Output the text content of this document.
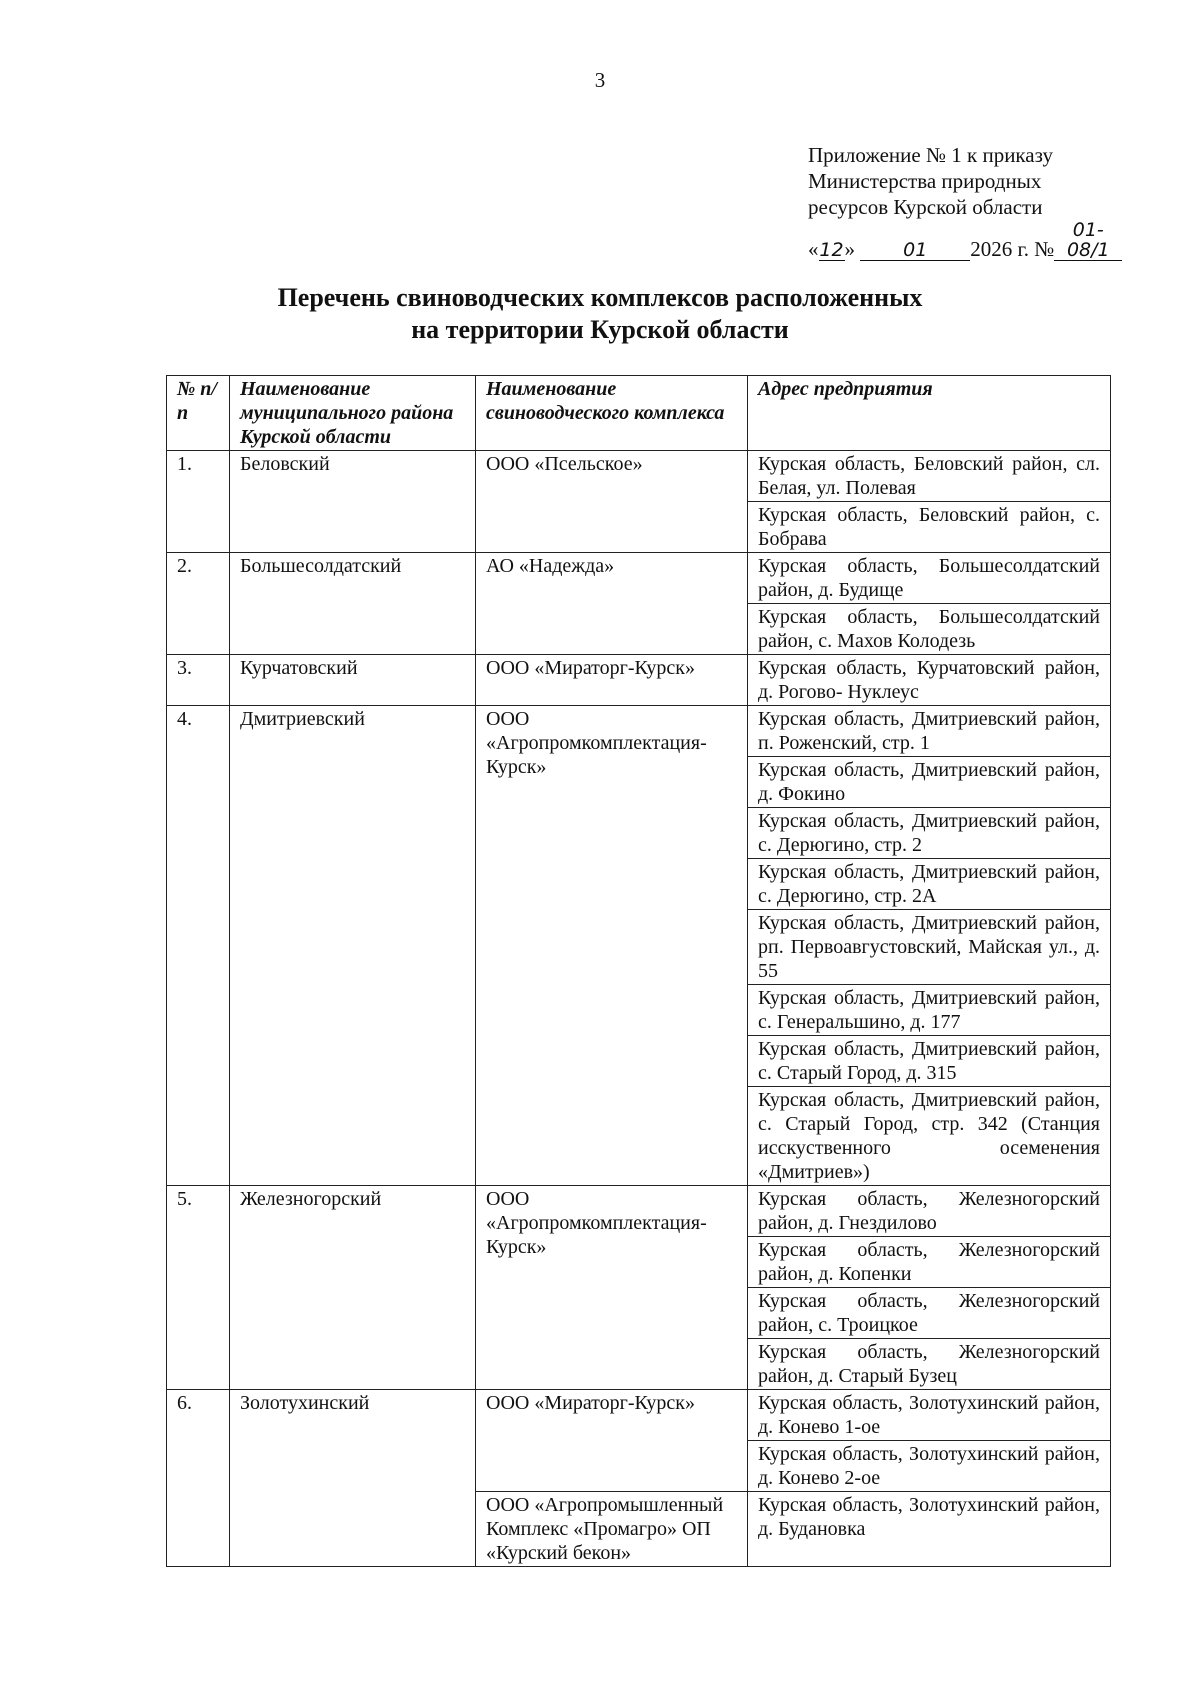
3
Приложение № 1 к приказу
Министерства природных
ресурсов Курской области
«12»	01 2026 г. №01-08/1
Перечень свиноводческих комплексов расположенных
на территории Курской области
№ п/п	Наименование муниципального района Курской области	Наименование свиноводческого комплекса	Адрес предприятия
1.	Беловский	ООО «Псельское»	Курская область, Беловский район, сл. Белая, ул. Полевая
			Курская область, Беловский район, с. Бобрава
2.	Большесолдатский	АО «Надежда»	Курская область, Большесолдатский район, д. Будище
			Курская область, Большесолдатский район, с. Махов Колодезь
3.	Курчатовский	ООО «Мираторг-Курск»	Курская область, Курчатовский район, д. Рогово- Нуклеус
4.	Дмитриевский	ООО «Агропромкомплектация-Курск»	Курская область, Дмитриевский район, п. Роженский, стр. 1
			Курская область, Дмитриевский район, д. Фокино
			Курская область, Дмитриевский район, с. Дерюгино, стр. 2
			Курская область, Дмитриевский район, с. Дерюгино, стр. 2А
			Курская область, Дмитриевский район, рп. Первоавгустовский, Майская ул., д. 55
			Курская область, Дмитриевский район, с. Генеральшино, д. 177
			Курская область, Дмитриевский район, с. Старый Город, д. 315
			Курская область, Дмитриевский район, с. Старый Город, стр. 342 (Станция исскуственного осеменения «Дмитриев»)
5.	Железногорский	ООО «Агропромкомплектация-Курск»	Курская область, Железногорский район, д. Гнездилово
			Курская область, Железногорский район, д. Копенки
			Курская область, Железногорский район, с. Троицкое
			Курская область, Железногорский район, д. Старый Бузец
6.	Золотухинский	ООО «Мираторг-Курск»	Курская область, Золотухинский район, д. Конево 1-ое
			Курская область, Золотухинский район, д. Конево 2-ое
		ООО «Агропромышленный Комплекс «Промагро» ОП «Курский бекон»	Курская область, Золотухинский район, д. Будановка
